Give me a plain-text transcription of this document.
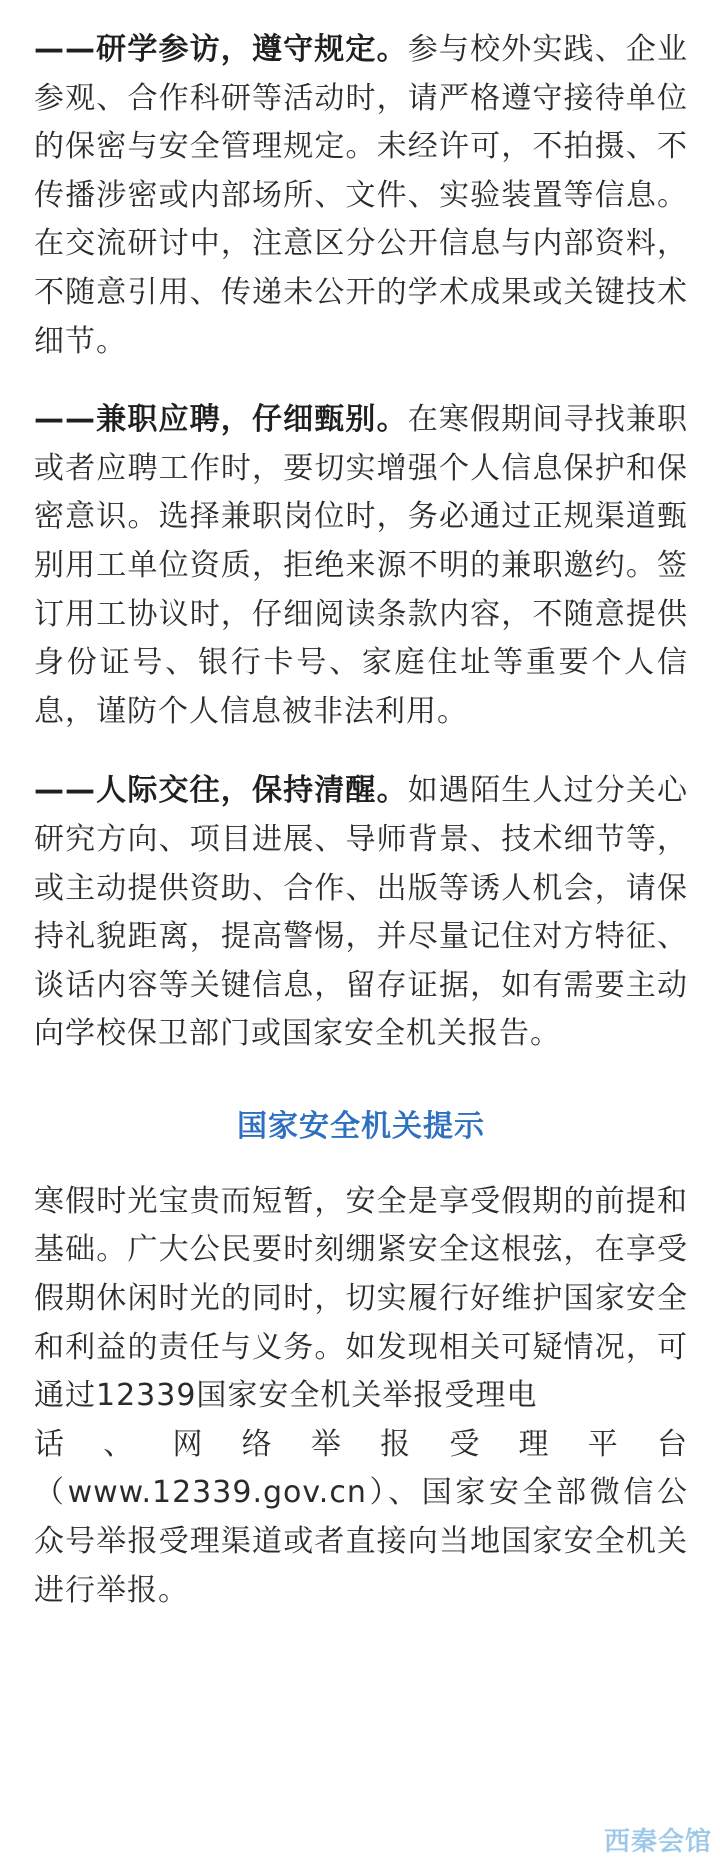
——研学参访，遵守规定。参与校外实践、企业参观、合作科研等活动时，请严格遵守接待单位的保密与安全管理规定。未经许可，不拍摄、不传播涉密或内部场所、文件、实验装置等信息。在交流研讨中，注意区分公开信息与内部资料，不随意引用、传递未公开的学术成果或关键技术细节。

——兼职应聘，仔细甄别。在寒假期间寻找兼职或者应聘工作时，要切实增强个人信息保护和保密意识。选择兼职岗位时，务必通过正规渠道甄别用工单位资质，拒绝来源不明的兼职邀约。签订用工协议时，仔细阅读条款内容，不随意提供身份证号、银行卡号、家庭住址等重要个人信息，谨防个人信息被非法利用。

——人际交往，保持清醒。如遇陌生人过分关心研究方向、项目进展、导师背景、技术细节等，或主动提供资助、合作、出版等诱人机会，请保持礼貌距离，提高警惕，并尽量记住对方特征、谈话内容等关键信息，留存证据，如有需要主动向学校保卫部门或国家安全机关报告。

国家安全机关提示

寒假时光宝贵而短暂，安全是享受假期的前提和基础。广大公民要时刻绷紧安全这根弦，在享受假期休闲时光的同时，切实履行好维护国家安全和利益的责任与义务。如发现相关可疑情况，可通过12339国家安全机关举报受理电

话 、 网 络 举 报 受 理 平 台

（www.12339.gov.cn）、国家安全部微信公众号举报受理渠道或者直接向当地国家安全机关进行举报。

西秦会馆
